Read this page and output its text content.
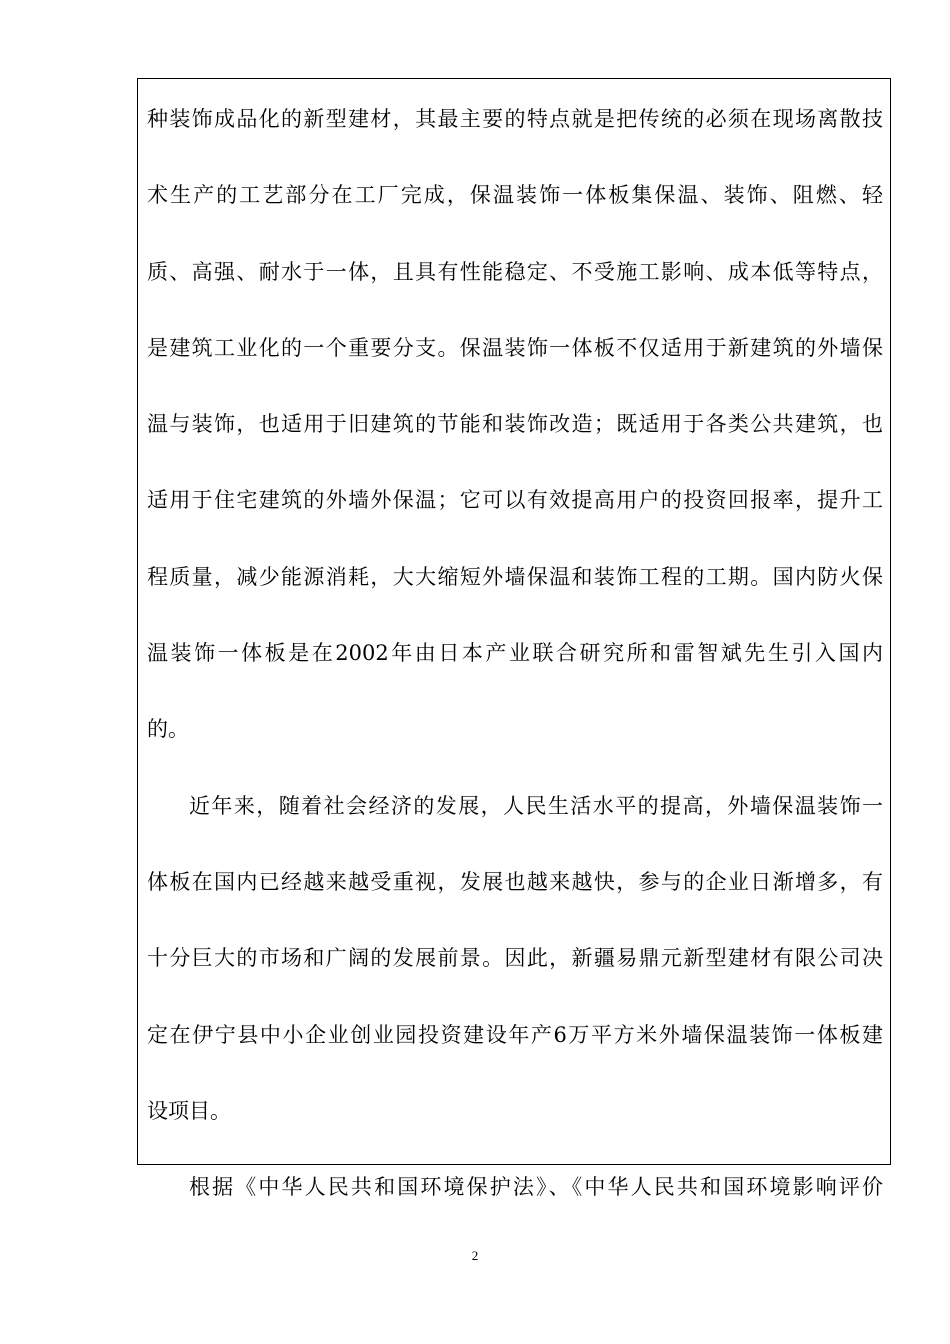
种装饰成品化的新型建材，其最主要的特点就是把传统的必须在现场离散技
术生产的工艺部分在工厂完成，保温装饰一体板集保温、装饰、阻燃、轻
质、高强、耐水于一体，且具有性能稳定、不受施工影响、成本低等特点，
是建筑工业化的一个重要分支。保温装饰一体板不仅适用于新建筑的外墙保
温与装饰，也适用于旧建筑的节能和装饰改造；既适用于各类公共建筑，也
适用于住宅建筑的外墙外保温；它可以有效提高用户的投资回报率，提升工
程质量，减少能源消耗，大大缩短外墙保温和装饰工程的工期。国内防火保
温装饰一体板是在2002年由日本产业联合研究所和雷智斌先生引入国内
的。
近年来，随着社会经济的发展，人民生活水平的提高，外墙保温装饰一
体板在国内已经越来越受重视，发展也越来越快，参与的企业日渐增多，有
十分巨大的市场和广阔的发展前景。因此，新疆易鼎元新型建材有限公司决
定在伊宁县中小企业创业园投资建设年产6万平方米外墙保温装饰一体板建
设项目。
根据《中华人民共和国环境保护法》、《中华人民共和国环境影响评价
2
